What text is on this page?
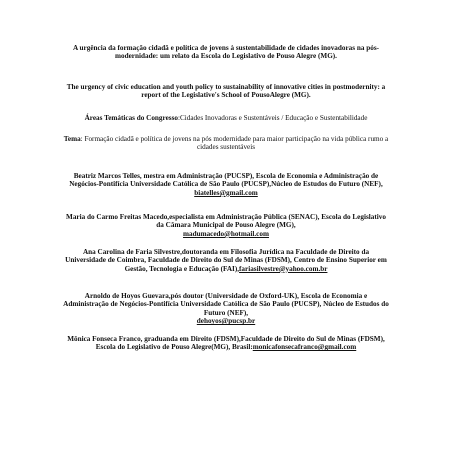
A urgência da formação cidadã e política de jovens à sustentabilidade de cidades inovadoras na pós-modernidade: um relato da Escola do Legislativo de Pouso Alegre (MG).
The urgency of civic education and youth policy to sustainability of innovative cities in postmodernity: a report of the Legislative's School of PousoAlegre (MG).
Áreas Temáticas do Congresso:Cidades Inovadoras e Sustentáveis / Educação e Sustentabilidade
Tema: Formação cidadã e política de jovens na pós modernidade para maior participação na vida pública rumo a cidades sustentáveis
Beatriz Marcos Telles, mestra em Administração (PUCSP), Escola de Economia e Administração de Negócios-Pontifícia Universidade Católica de São Paulo (PUCSP),Núcleo de Estudos do Futuro (NEF),
biatelles@gmail.com
Maria do Carmo Freitas Macedo,especialista em Administração Pública (SENAC), Escola do Legislativo da Câmara Municipal de Pouso Alegre (MG),
madumacedo@hotmail.com
Ana Carolina de Faria Silvestre,doutoranda em Filosofia Jurídica na Faculdade de Direito da Universidade de Coimbra, Faculdade de Direito do Sul de Minas (FDSM), Centro de Ensino Superior em Gestão, Tecnologia e Educação (FAI),fariasilvestre@yahoo.com.br
Arnoldo de Hoyos Guevara,pós doutor (Universidade de Oxford-UK), Escola de Economia e Administração de Negócios-Pontifícia Universidade Católica de São Paulo (PUCSP), Núcleo de Estudos do Futuro (NEF),
dehoyos@pucsp.br
Mônica Fonseca Franco, graduanda em Direito (FDSM),Faculdade de Direito do Sul de Minas (FDSM), Escola do Legislativo de Pouso Alegre(MG), Brasil:monicafonsecafranco@gmail.com
